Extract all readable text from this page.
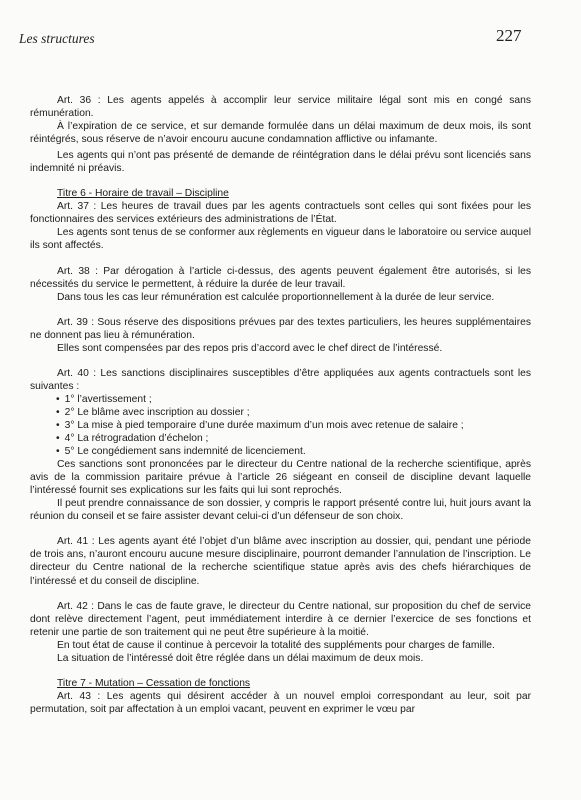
Les structures	227

Art. 36 : Les agents appelés à accomplir leur service militaire légal sont mis en congé sans rémunération.

À l’expiration de ce service, et sur demande formulée dans un délai maximum de deux mois, ils sont réintégrés, sous réserve de n’avoir encouru aucune condamnation afflictive ou infamante.

Les agents qui n’ont pas présenté de demande de réintégration dans le délai prévu sont licenciés sans indemnité ni préavis.

Titre 6 - Horaire de travail – Discipline

Art. 37 : Les heures de travail dues par les agents contractuels sont celles qui sont fixées pour les fonctionnaires des services extérieurs des administrations de l’État.

Les agents sont tenus de se conformer aux règlements en vigueur dans le laboratoire ou service auquel ils sont affectés.

Art. 38 : Par dérogation à l’article ci-dessus, des agents peuvent également être autorisés, si les nécessités du service le permettent, à réduire la durée de leur travail.

Dans tous les cas leur rémunération est calculée proportionnellement à la durée de leur service.

Art. 39 : Sous réserve des dispositions prévues par des textes particuliers, les heures supplémentaires ne donnent pas lieu à rémunération.

Elles sont compensées par des repos pris d’accord avec le chef direct de l’intéressé.

Art. 40 : Les sanctions disciplinaires susceptibles d’être appliquées aux agents contractuels sont les suivantes :

• 1° l’avertissement ;
• 2° Le blâme avec inscription au dossier ;
• 3° La mise à pied temporaire d’une durée maximum d’un mois avec retenue de salaire ;
• 4° La rétrogradation d’échelon ;
• 5° Le congédiement sans indemnité de licenciement.

Ces sanctions sont prononcées par le directeur du Centre national de la recherche scientifique, après avis de la commission paritaire prévue à l’article 26 siégeant en conseil de discipline devant laquelle l’intéressé fournit ses explications sur les faits qui lui sont reprochés.

Il peut prendre connaissance de son dossier, y compris le rapport présenté contre lui, huit jours avant la réunion du conseil et se faire assister devant celui-ci d’un défenseur de son choix.

Art. 41 : Les agents ayant été l’objet d’un blâme avec inscription au dossier, qui, pendant une période de trois ans, n’auront encouru aucune mesure disciplinaire, pourront demander l’annulation de l’inscription. Le directeur du Centre national de la recherche scientifique statue après avis des chefs hiérarchiques de l’intéressé et du conseil de discipline.

Art. 42 : Dans le cas de faute grave, le directeur du Centre national, sur proposition du chef de service dont relève directement l’agent, peut immédiatement interdire à ce dernier l’exercice de ses fonctions et retenir une partie de son traitement qui ne peut être supérieure à la moitié.

En tout état de cause il continue à percevoir la totalité des suppléments pour charges de famille.

La situation de l’intéressé doit être réglée dans un délai maximum de deux mois.

Titre 7 - Mutation – Cessation de fonctions

Art. 43 : Les agents qui désirent accéder à un nouvel emploi correspondant au leur, soit par permutation, soit par affectation à un emploi vacant, peuvent en exprimer le vœu par
